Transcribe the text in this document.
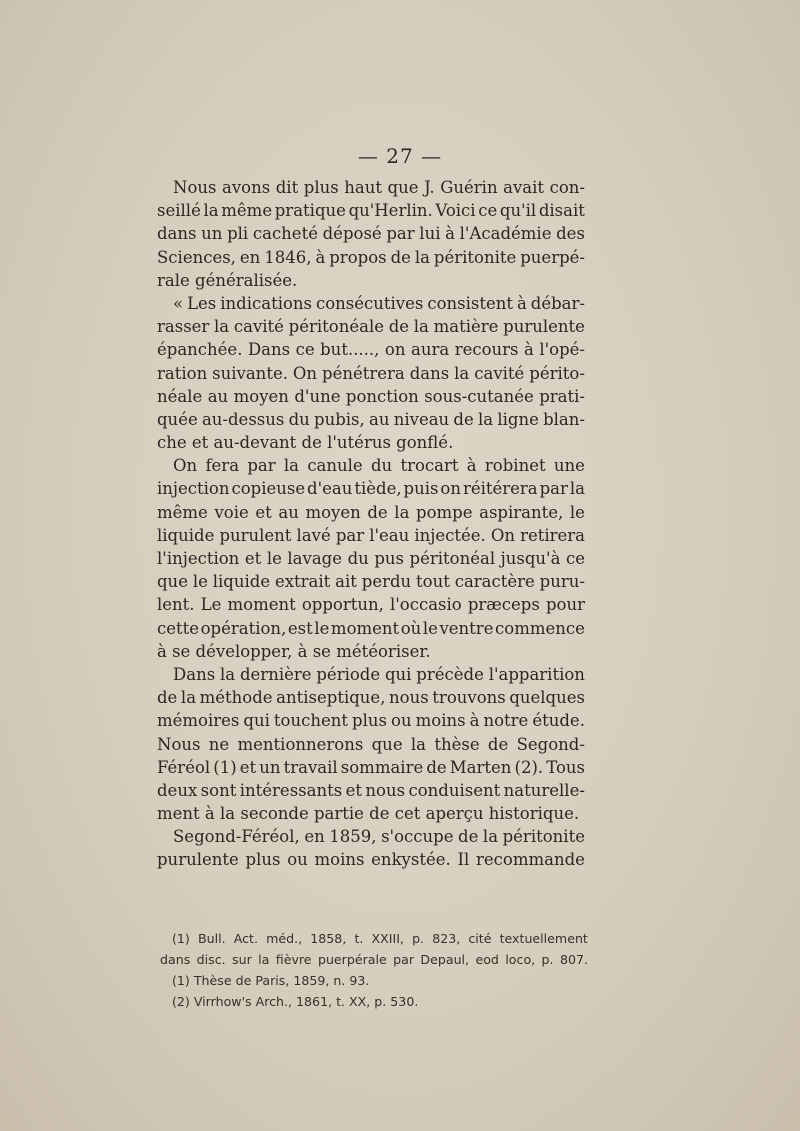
— 27 —
Nous avons dit plus haut que J. Guérin avait con-
seillé la même pratique qu'Herlin. Voici ce qu'il disait
dans un pli cacheté déposé par lui à l'Académie des
Sciences, en 1846, à propos de la péritonite puerpé-
rale généralisée.
« Les indications consécutives consistent à débar-
rasser la cavité péritonéale de la matière purulente
épanchée. Dans ce but....., on aura recours à l'opé-
ration suivante. On pénétrera dans la cavité périto-
néale au moyen d'une ponction sous-cutanée prati-
quée au-dessus du pubis, au niveau de la ligne blan-
che et au-devant de l'utérus gonflé.
On fera par la canule du trocart à robinet une
injection copieuse d'eau tiède, puis on réitérera par la
même voie et au moyen de la pompe aspirante, le
liquide purulent lavé par l'eau injectée. On retirera
l'injection et le lavage du pus péritonéal jusqu'à ce
que le liquide extrait ait perdu tout caractère puru-
lent. Le moment opportun, l'occasio præceps pour
cette opération, est le moment où le ventre commence
à se développer, à se météoriser.
Dans la dernière période qui précède l'apparition
de la méthode antiseptique, nous trouvons quelques
mémoires qui touchent plus ou moins à notre étude.
Nous ne mentionnerons que la thèse de Segond-
Féréol (1) et un travail sommaire de Marten (2). Tous
deux sont intéressants et nous conduisent naturelle-
ment à la seconde partie de cet aperçu historique.
Segond-Féréol, en 1859, s'occupe de la péritonite
purulente plus ou moins enkystée. Il recommande
(1) Bull. Act. méd., 1858, t. XXIII, p. 823, cité textuellement
dans disc. sur la fièvre puerpérale par Depaul, eod loco, p. 807.
(1) Thèse de Paris, 1859, n. 93.
(2) Virrhow's Arch., 1861, t. XX, p. 530.
